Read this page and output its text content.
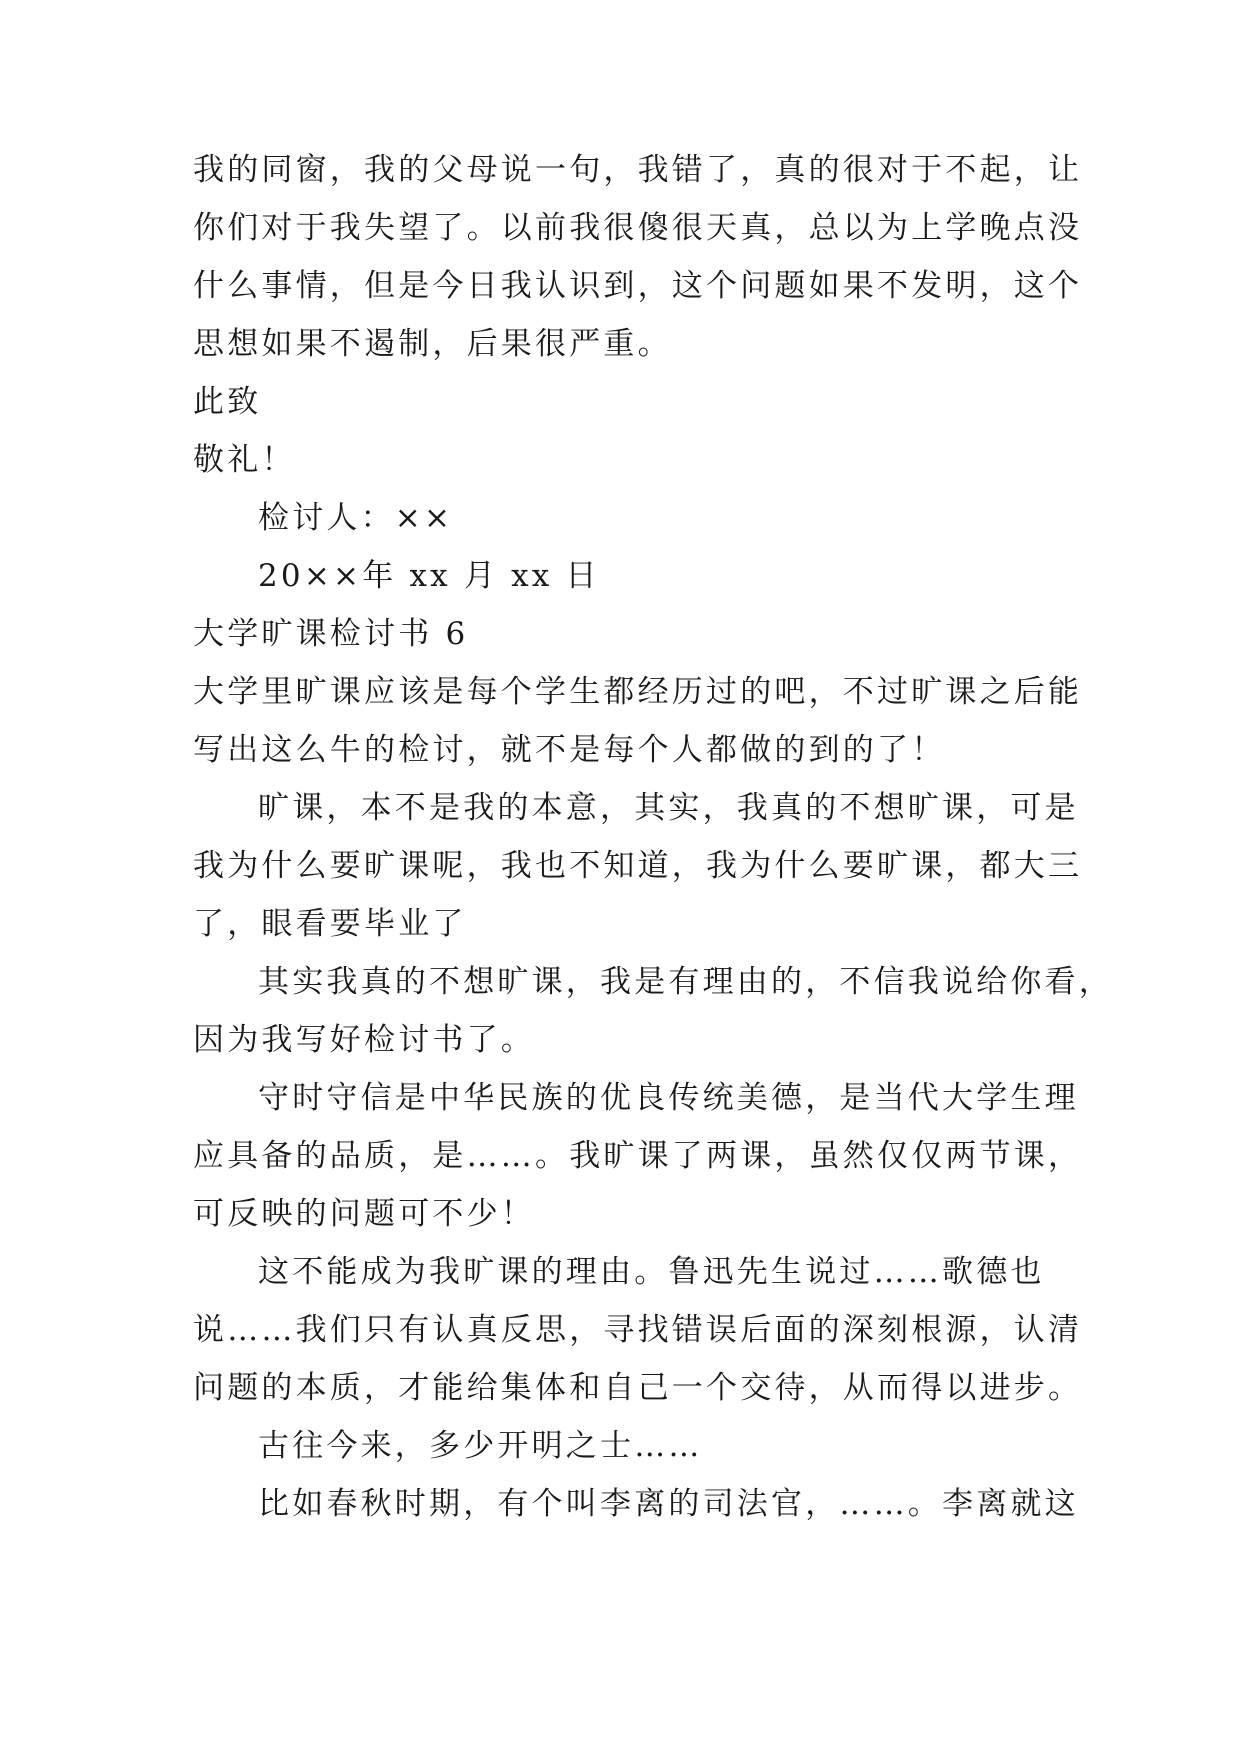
我的同窗，我的父母说一句，我错了，真的很对于不起，让
你们对于我失望了。以前我很傻很天真，总以为上学晚点没
什么事情，但是今日我认识到，这个问题如果不发明，这个
思想如果不遏制，后果很严重。
此致
敬礼！
检讨人：××
20××年 xx 月 xx 日
大学旷课检讨书 6
大学里旷课应该是每个学生都经历过的吧，不过旷课之后能
写出这么牛的检讨，就不是每个人都做的到的了！
旷课，本不是我的本意，其实，我真的不想旷课，可是
我为什么要旷课呢，我也不知道，我为什么要旷课，都大三
了，眼看要毕业了
其实我真的不想旷课，我是有理由的，不信我说给你看，
因为我写好检讨书了。
守时守信是中华民族的优良传统美德，是当代大学生理
应具备的品质，是……。我旷课了两课，虽然仅仅两节课，
可反映的问题可不少！
这不能成为我旷课的理由。鲁迅先生说过……歌德也
说……我们只有认真反思，寻找错误后面的深刻根源，认清
问题的本质，才能给集体和自己一个交待，从而得以进步。
古往今来，多少开明之士……
比如春秋时期，有个叫李离的司法官，……。李离就这
